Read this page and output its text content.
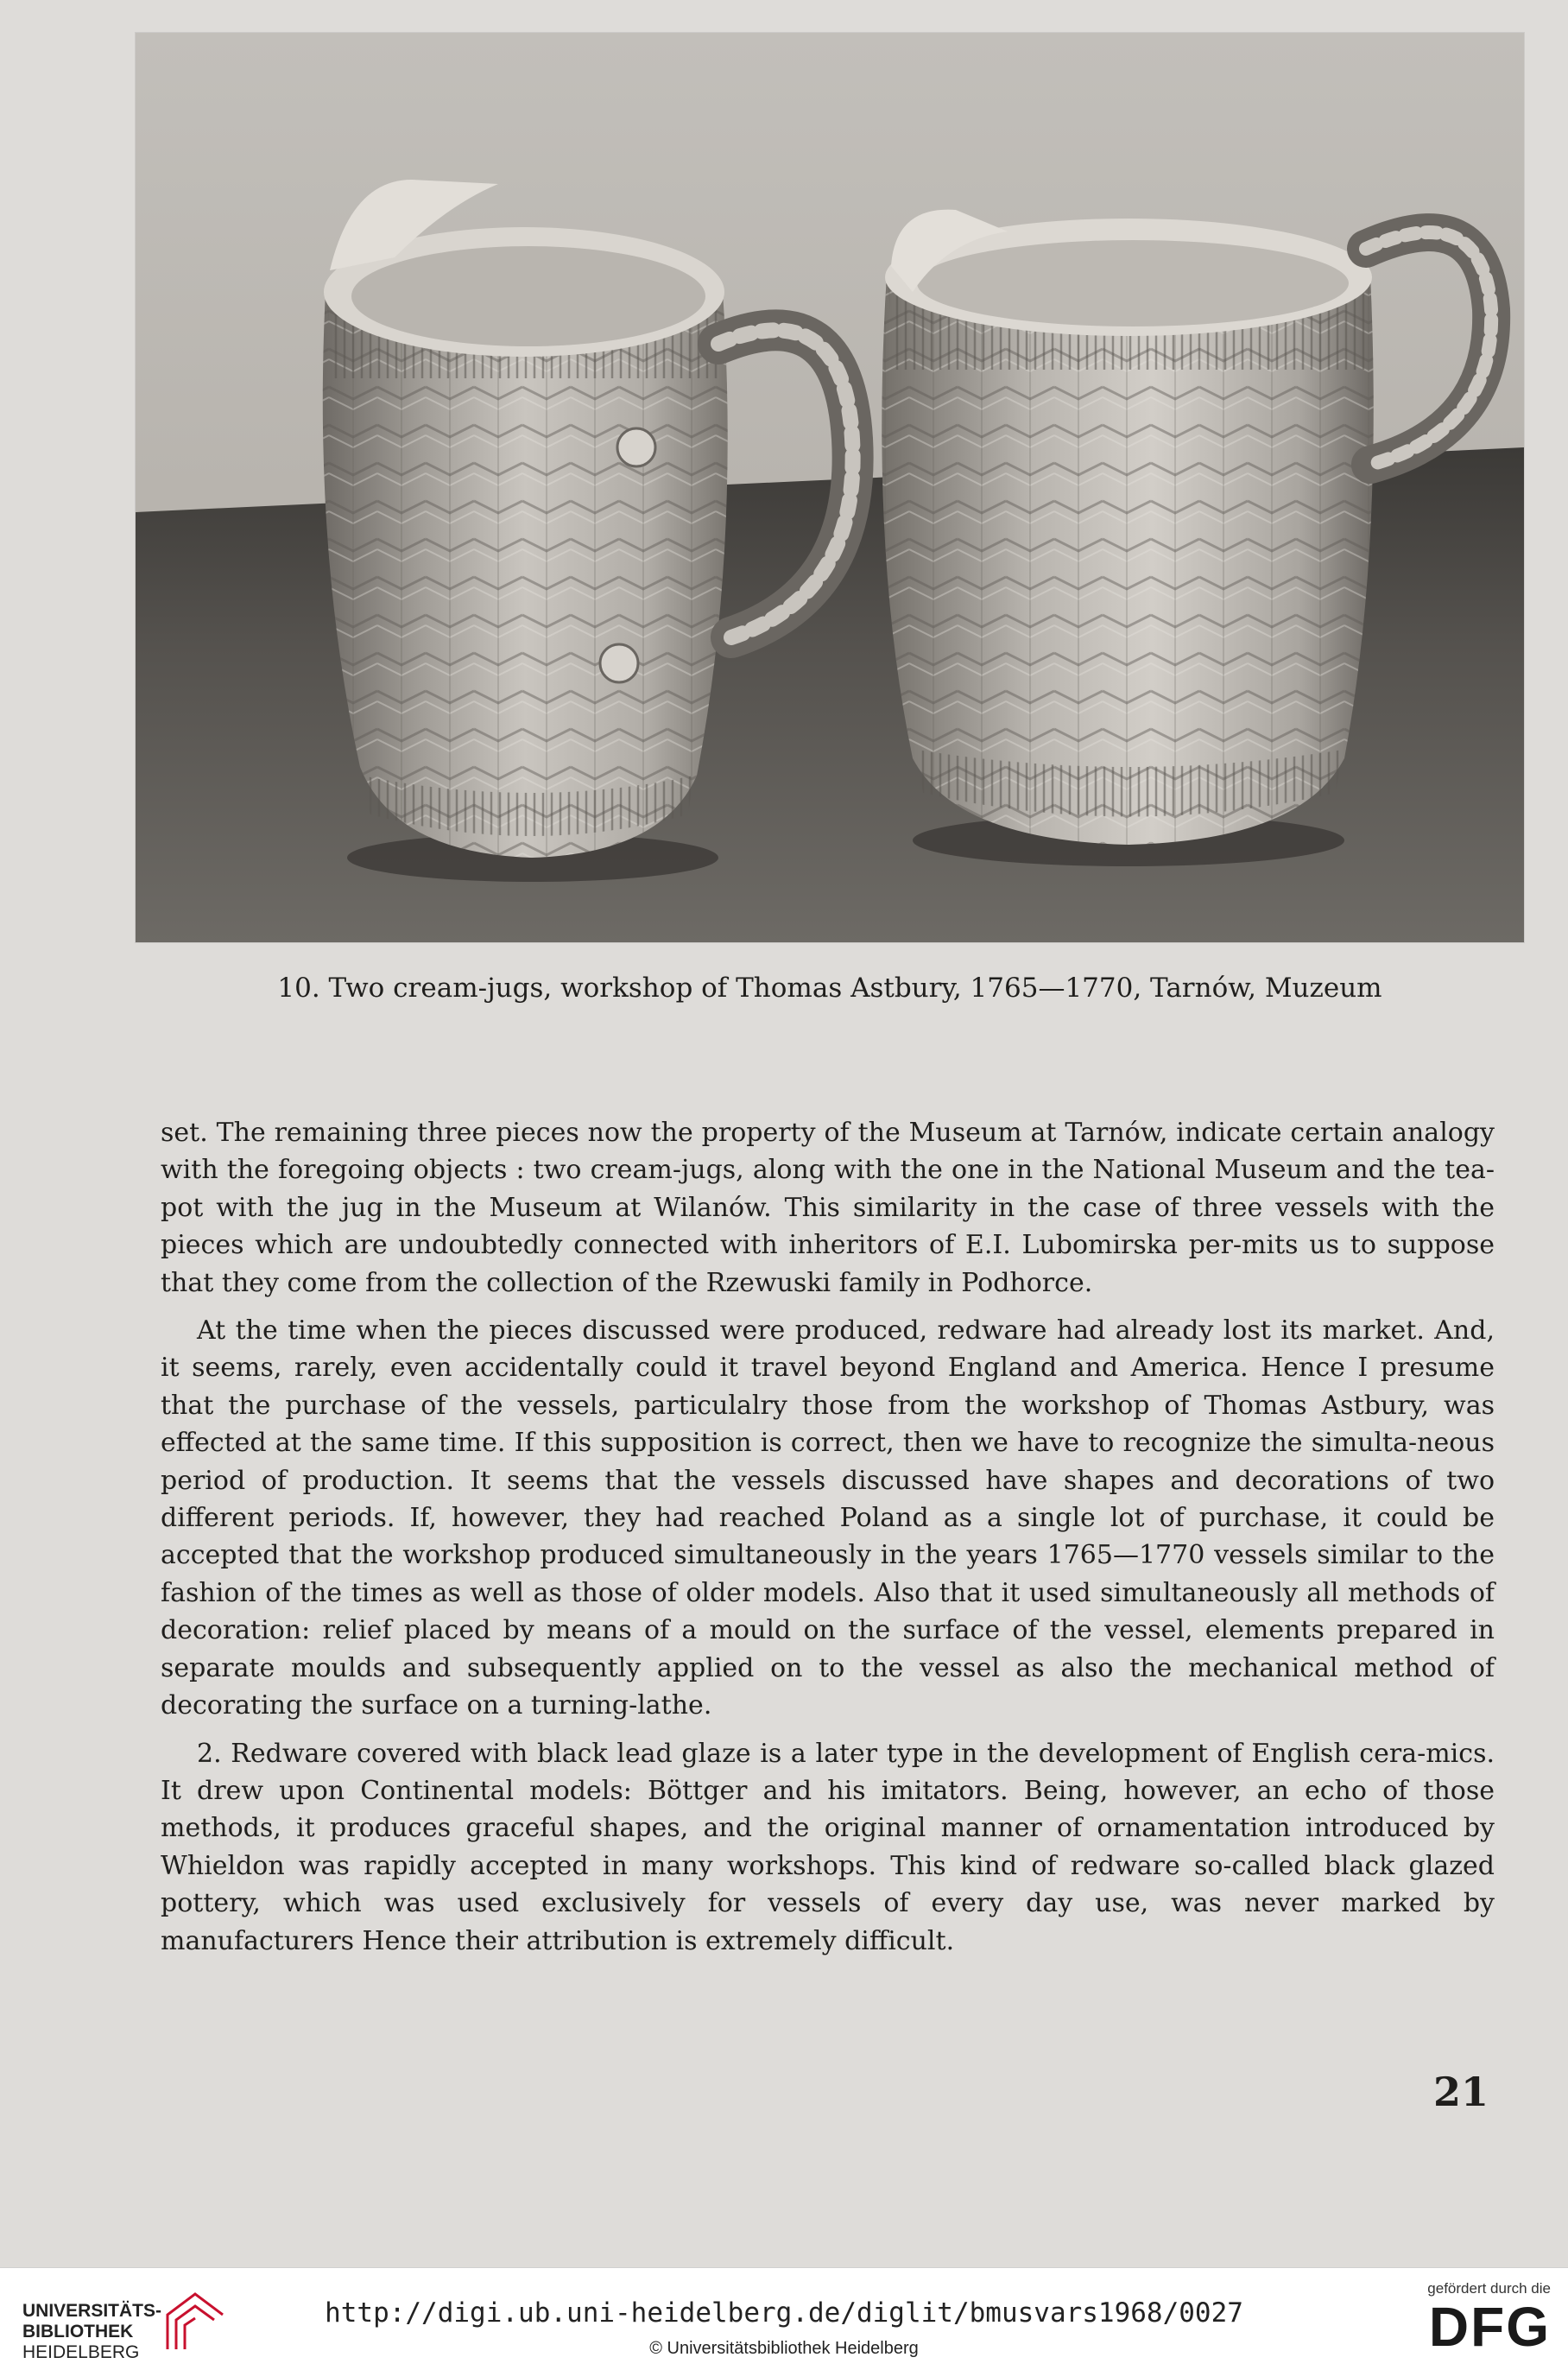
10. Two cream-jugs, workshop of Thomas Astbury, 1765—1770, Tarnów, Muzeum

set. The remaining three pieces now the property of the Museum at Tarnów, indicate certain analogy with the foregoing objects : two cream-jugs, along with the one in the National Museum and the tea-pot with the jug in the Museum at Wilanów. This similarity in the case of three vessels with the pieces which are undoubtedly connected with inheritors of E.I. Lubomirska per-mits us to suppose that they come from the collection of the Rzewuski family in Podhorce.

At the time when the pieces discussed were produced, redware had already lost its market. And, it seems, rarely, even accidentally could it travel beyond England and America. Hence I presume that the purchase of the vessels, particulalry those from the workshop of Thomas Astbury, was effected at the same time. If this supposition is correct, then we have to recognize the simulta-neous period of production. It seems that the vessels discussed have shapes and decorations of two different periods. If, however, they had reached Poland as a single lot of purchase, it could be accepted that the workshop produced simultaneously in the years 1765—1770 vessels similar to the fashion of the times as well as those of older models. Also that it used simultaneously all methods of decoration: relief placed by means of a mould on the surface of the vessel, elements prepared in separate moulds and subsequently applied on to the vessel as also the mechanical method of decorating the surface on a turning-lathe.

2. Redware covered with black lead glaze is a later type in the development of English cera-mics. It drew upon Continental models: Böttger and his imitators. Being, however, an echo of those methods, it produces graceful shapes, and the original manner of ornamentation introduced by Whieldon was rapidly accepted in many workshops. This kind of redware so-called black glazed pottery, which was used exclusively for vessels of every day use, was never marked by manufacturers Hence their attribution is extremely difficult.

21
UNIVERSITÄTS-
BIBLIOTHEK
HEIDELBERG
http://digi.ub.uni-heidelberg.de/diglit/bmusvars1968/0027
© Universitätsbibliothek Heidelberg
gefördert durch die
DFG
